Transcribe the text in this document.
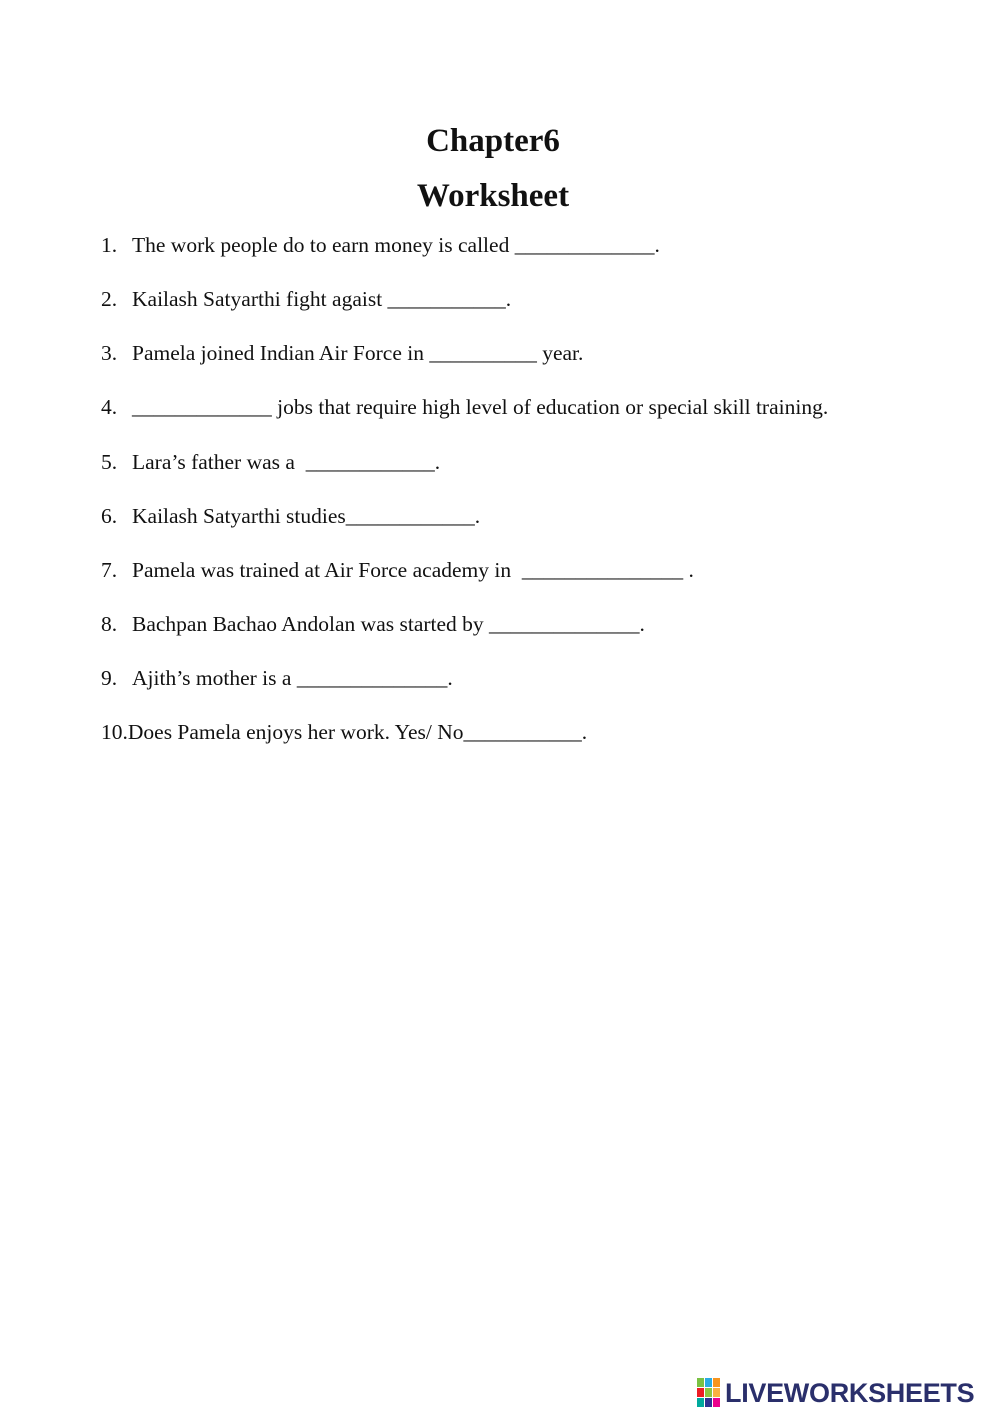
Chapter6
Worksheet
1. The work people do to earn money is called _____________.
2. Kailash Satyarthi fight agaist ___________.
3. Pamela joined Indian Air Force in __________ year.
4. _____________ jobs that require high level of education or special skill training.
5. Lara’s father was a  ____________.
6. Kailash Satyarthi studies____________.
7. Pamela was trained at Air Force academy in  _______________ .
8. Bachpan Bachao Andolan was started by ______________.
9. Ajith’s mother is a ______________.
10.Does Pamela enjoys her work. Yes/ No___________.
LIVEWORKSHEETS
